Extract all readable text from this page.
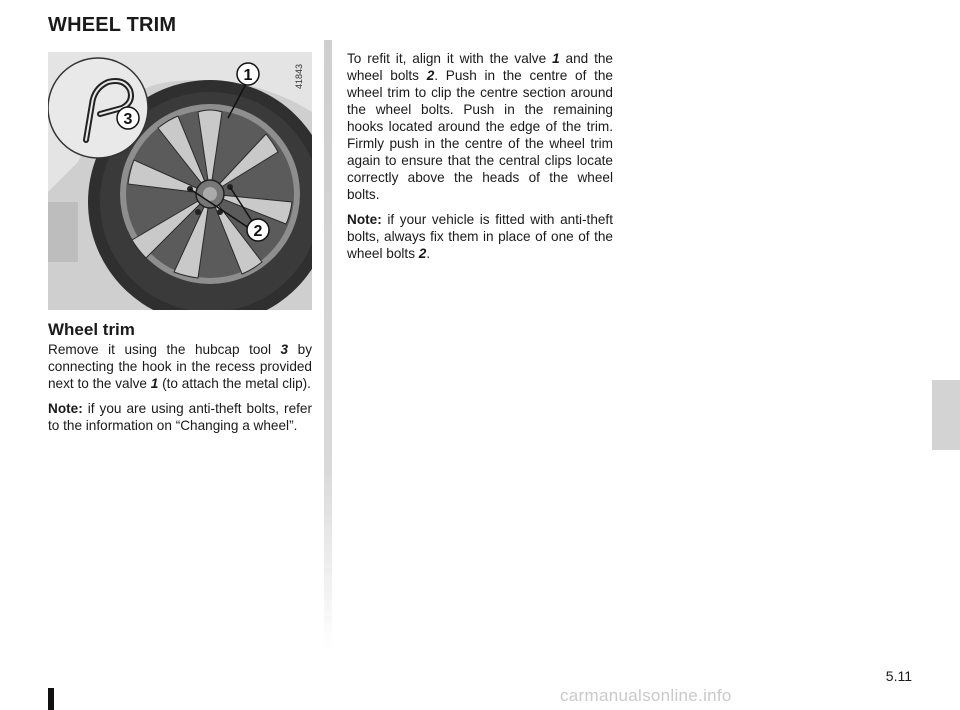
WHEEL TRIM
1
2
3
41843
Wheel trim

Remove it using the hubcap tool 3 by connecting the hook in the recess provided next to the valve 1 (to attach the metal clip).

Note: if you are using anti-theft bolts, refer to the information on “Changing a wheel”.

To refit it, align it with the valve 1 and the wheel bolts 2. Push in the centre of the wheel trim to clip the centre section around the wheel bolts. Push in the remaining hooks located around the edge of the trim. Firmly push in the centre of the wheel trim again to ensure that the central clips locate correctly above the heads of the wheel bolts.

Note: if your vehicle is fitted with anti-theft bolts, always fix them in place of one of the wheel bolts 2.

5.11
carmanualsonline.info
